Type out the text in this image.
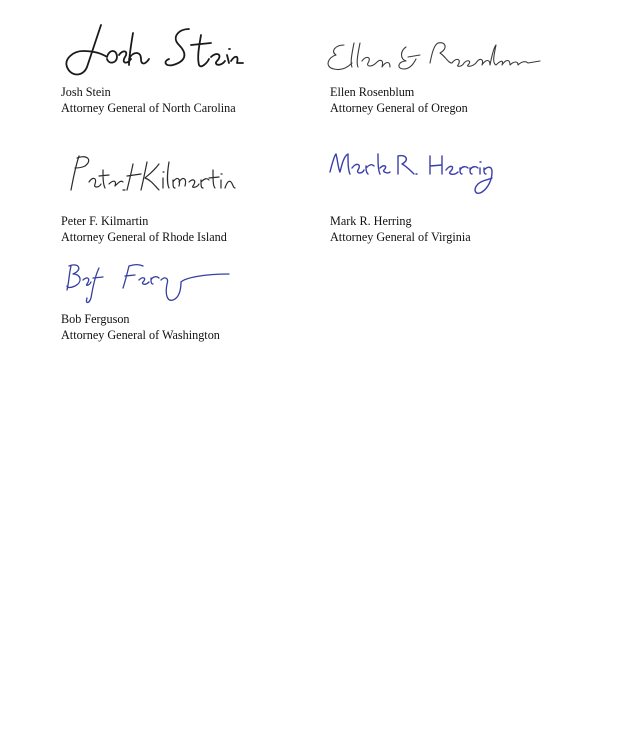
Josh Stein
Attorney General of North Carolina
Ellen Rosenblum
Attorney General of Oregon
Peter F. Kilmartin
Attorney General of Rhode Island
Mark R. Herring
Attorney General of Virginia
Bob Ferguson
Attorney General of Washington
